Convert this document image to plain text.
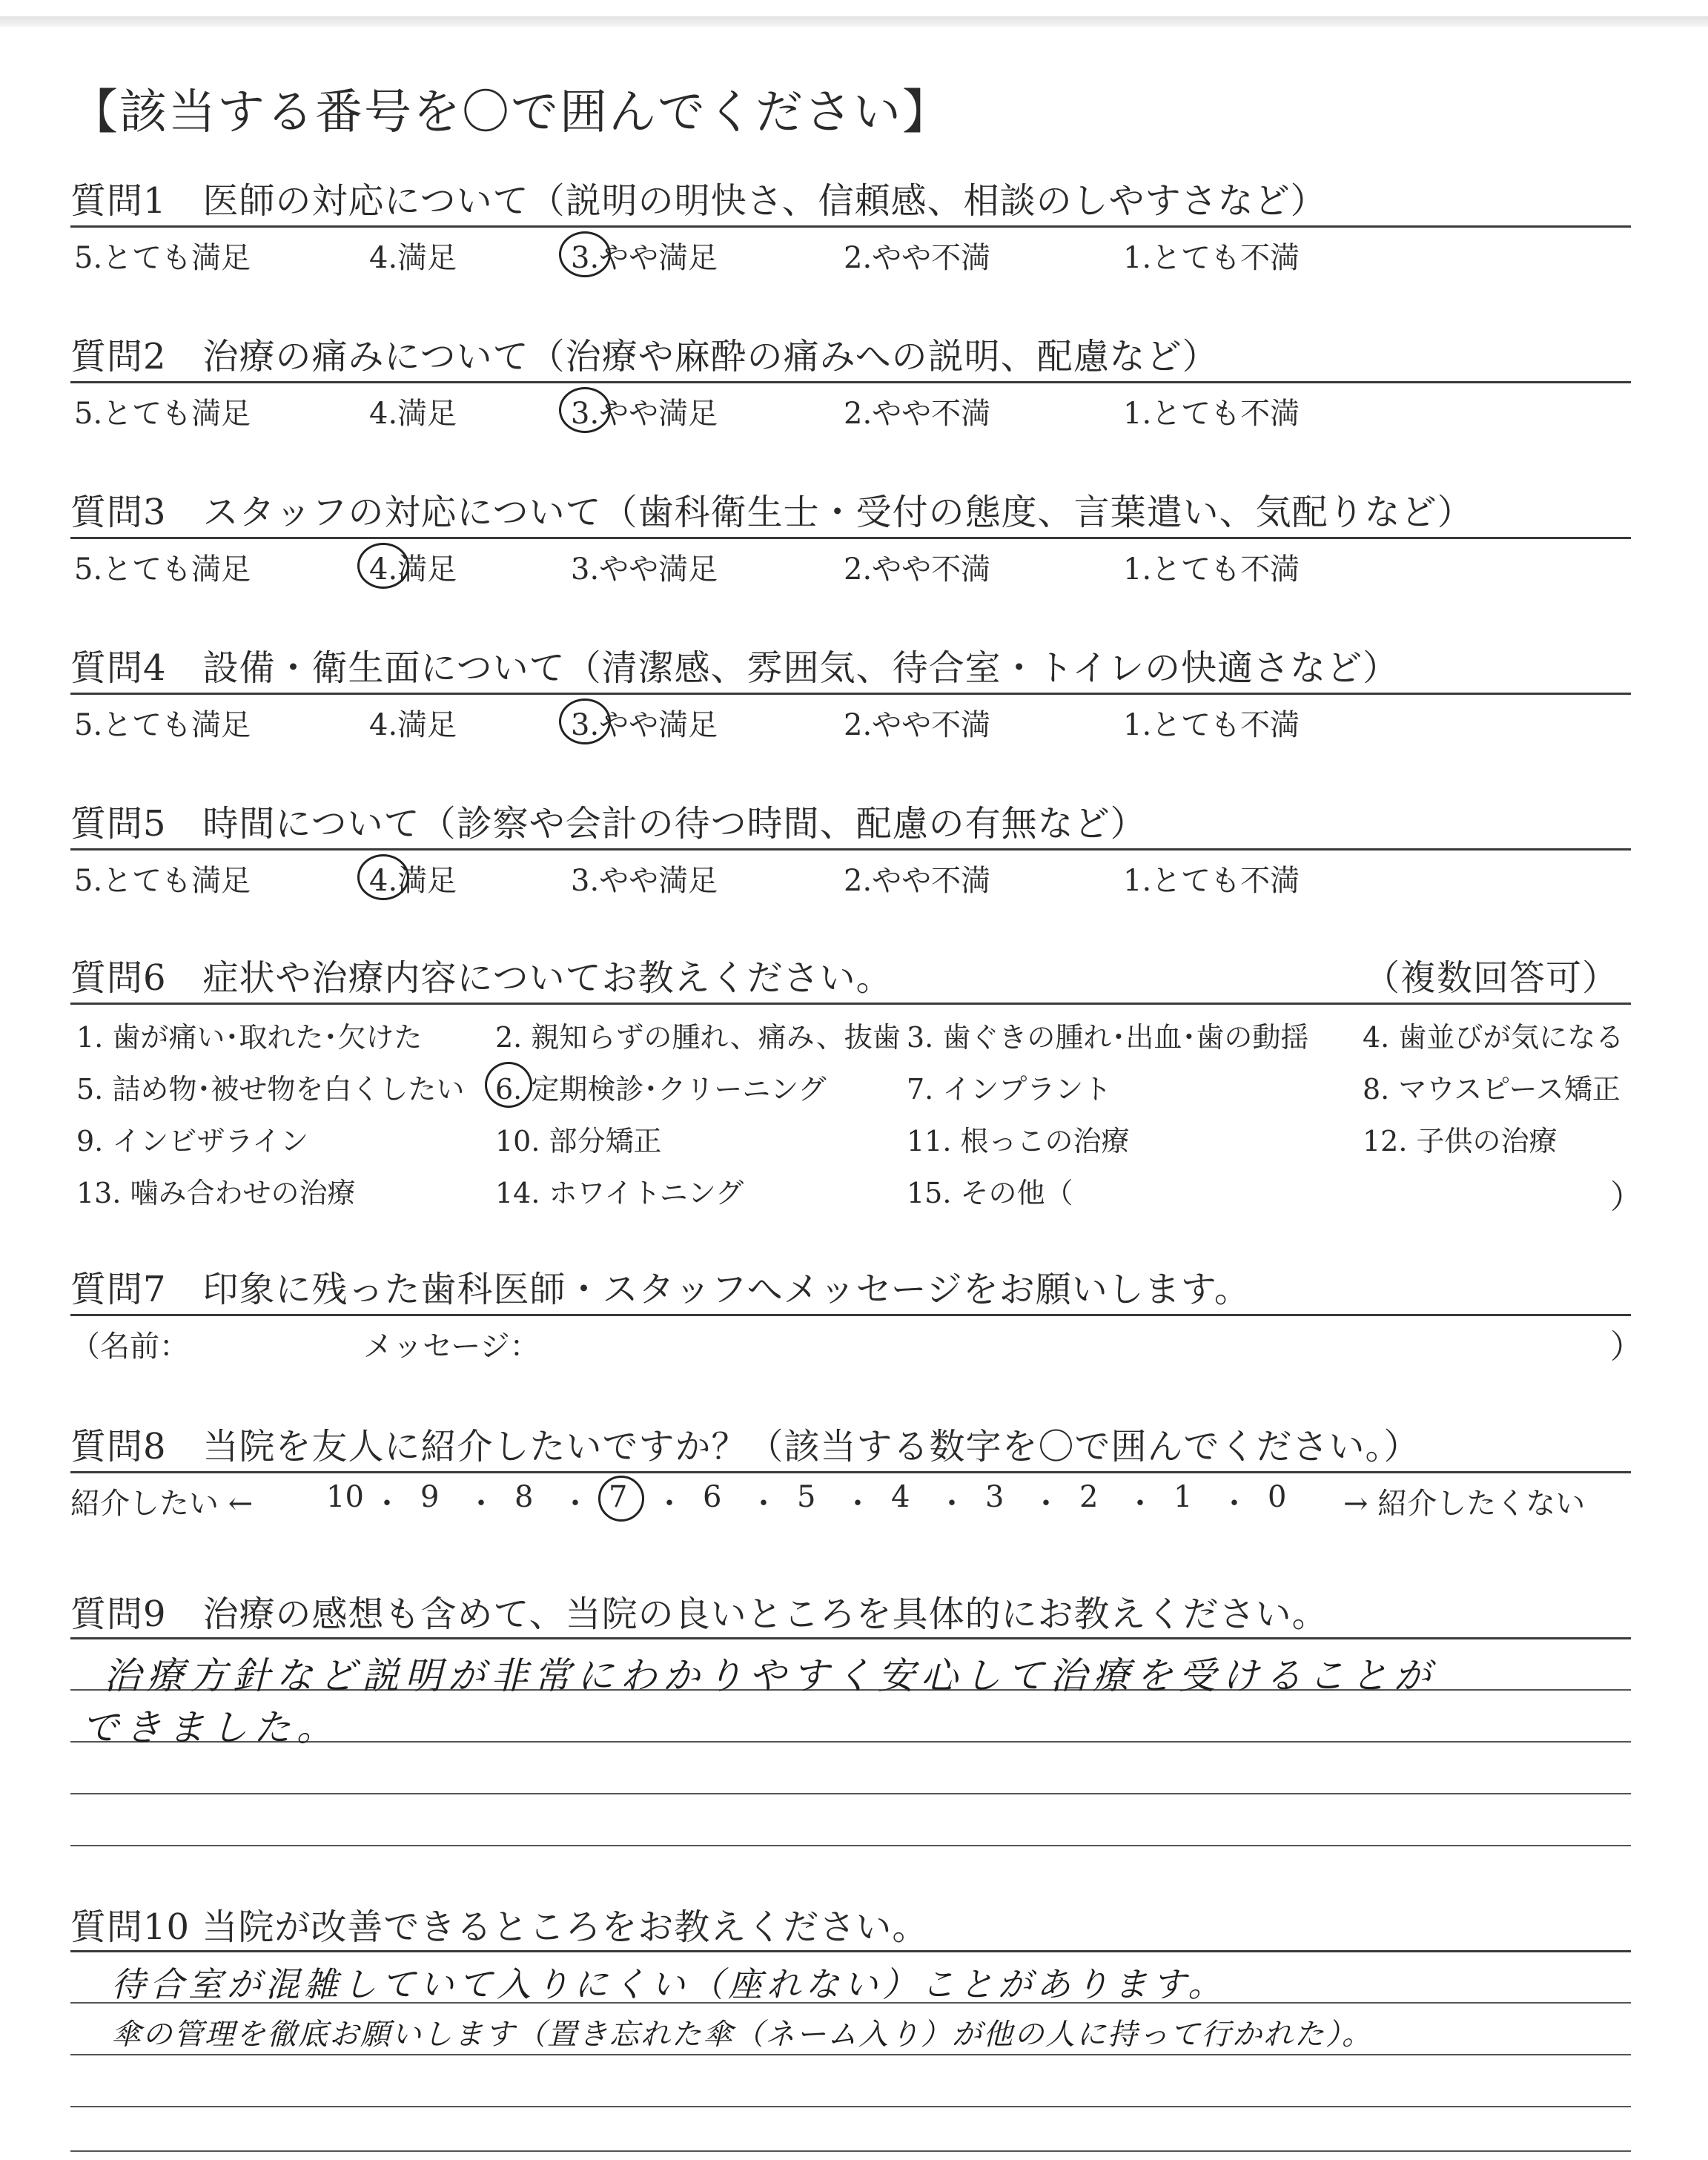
【該当する番号を〇で囲んでください】
質問1　医師の対応について（説明の明快さ、信頼感、相談のしやすさなど）
5.とても満足	4.満足	3.やや満足	2.やや不満	1.とても不満
質問2　治療の痛みについて（治療や麻酔の痛みへの説明、配慮など）
5.とても満足	4.満足	3.やや満足	2.やや不満	1.とても不満
質問3　スタッフの対応について（歯科衛生士・受付の態度、言葉遣い、気配りなど）
5.とても満足	4.満足	3.やや満足	2.やや不満	1.とても不満
質問4　設備・衛生面について（清潔感、雰囲気、待合室・トイレの快適さなど）
5.とても満足	4.満足	3.やや満足	2.やや不満	1.とても不満
質問5　時間について（診察や会計の待つ時間、配慮の有無など）
5.とても満足	4.満足	3.やや満足	2.やや不満	1.とても不満
質問6　症状や治療内容についてお教えください。	（複数回答可）
1. 歯が痛い･取れた･欠けた	2. 親知らずの腫れ、痛み、抜歯 3. 歯ぐきの腫れ･出血･歯の動揺 4. 歯並びが気になる
5. 詰め物･被せ物を白くしたい 6. 定期検診･クリーニング	7. インプラント	8. マウスピース矯正
9. インビザライン	10. 部分矯正	11. 根っこの治療	12. 子供の治療
13. 噛み合わせの治療	14. ホワイトニング	15. その他（	）
質問7　印象に残った歯科医師・スタッフへメッセージをお願いします。
（名前：	メッセージ：	）
質問8　当院を友人に紹介したいですか？（該当する数字を〇で囲んでください。）
紹介したい ←	→ 紹介したくない
10 ・ 9 ・ 8 ・ 7 ・ 6 ・ 5 ・ 4 ・ 3 ・ 2 ・ 1 ・ 0
質問9　治療の感想も含めて、当院の良いところを具体的にお教えください。
治療方針など説明が非常にわかりやすく安心して治療を受けることが
できました。
質問10 当院が改善できるところをお教えください。
待合室が混雑していて入りにくい（座れない）ことがあります。
傘の管理を徹底お願いします（置き忘れた傘（ネーム入り）が他の人に持って行かれた）。
